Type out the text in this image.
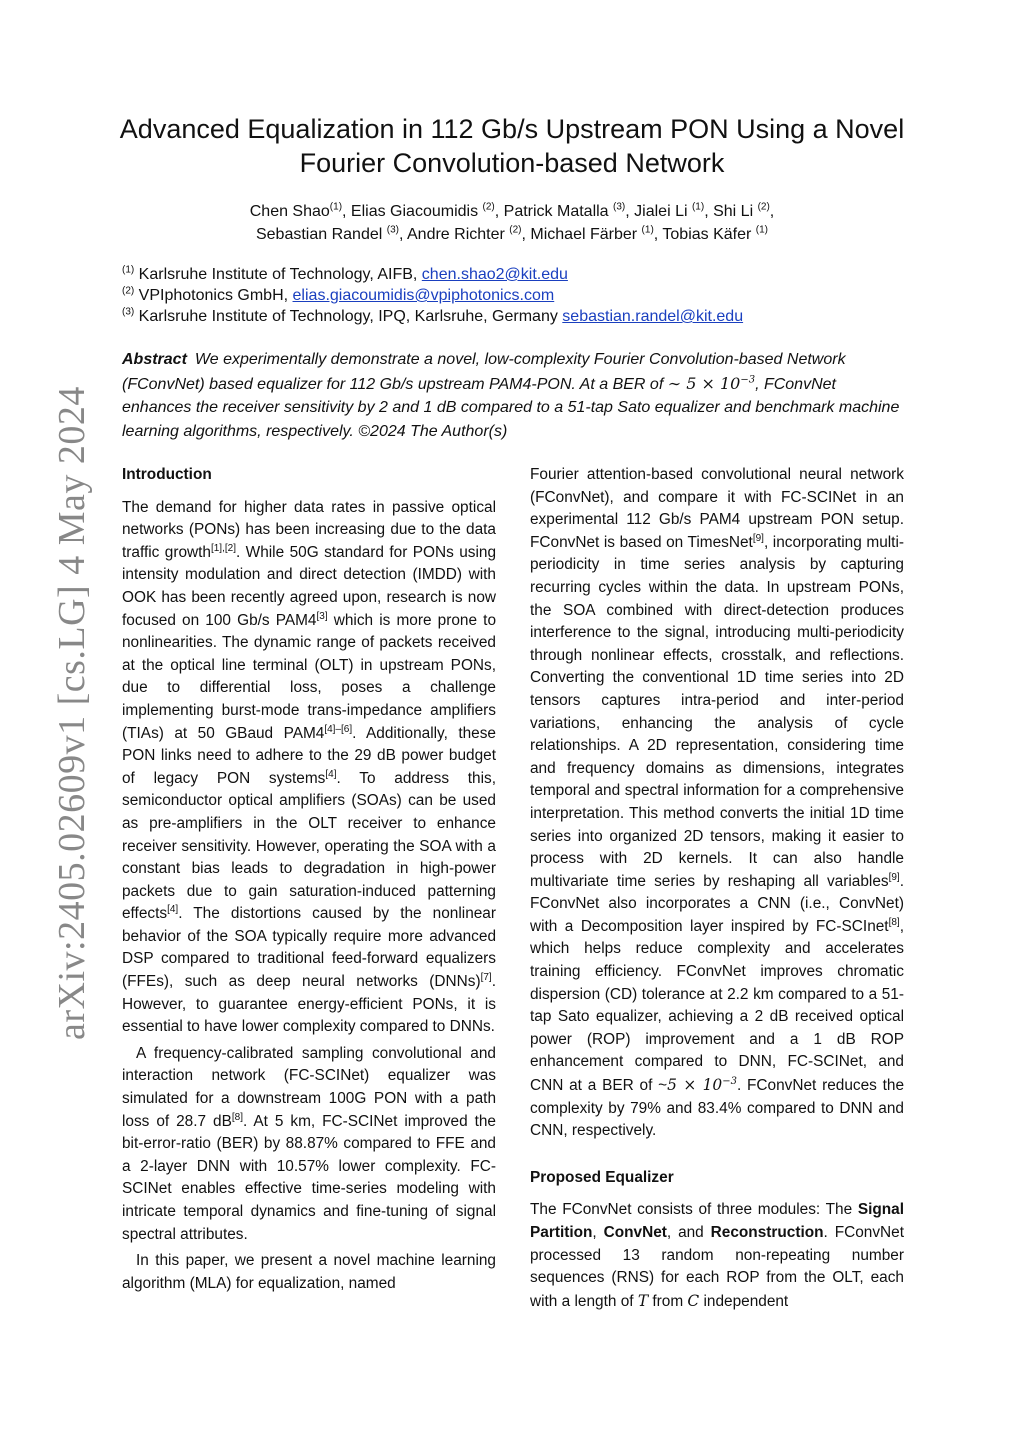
arXiv:2405.02609v1 [cs.LG] 4 May 2024
Advanced Equalization in 112 Gb/s Upstream PON Using a Novel
Fourier Convolution-based Network
Chen Shao$^{(1)}$, Elias Giacoumidis $^{(2)}$, Patrick Matalla $^{(3)}$, Jialei Li $^{(1)}$, Shi Li $^{(2)}$,
Sebastian Randel $^{(3)}$, Andre Richter $^{(2)}$, Michael Färber $^{(1)}$, Tobias Käfer $^{(1)}$
$^{(1)}$ Karlsruhe Institute of Technology, AIFB, chen.shao2@kit.edu
$^{(2)}$ VPIphotonics GmbH, elias.giacoumidis@vpiphotonics.com
$^{(3)}$ Karlsruhe Institute of Technology, IPQ, Karlsruhe, Germany sebastian.randel@kit.edu
Abstract We experimentally demonstrate a novel, low-complexity Fourier Convolution-based Network (FConvNet) based equalizer for 112 Gb/s upstream PAM4-PON. At a BER of ∼ $5 \times 10^{-3}$, FConvNet enhances the receiver sensitivity by 2 and 1 dB compared to a 51-tap Sato equalizer and benchmark machine learning algorithms, respectively. ©2024 The Author(s)
Introduction

The demand for higher data rates in passive optical networks (PONs) has been increasing due to the data traffic growth[1],[2]. While 50G standard for PONs using intensity modulation and direct detection (IMDD) with OOK has been recently agreed upon, research is now focused on 100 Gb/s PAM4[3] which is more prone to nonlinearities. The dynamic range of packets received at the optical line terminal (OLT) in upstream PONs, due to differential loss, poses a challenge implementing burst-mode trans-impedance amplifiers (TIAs) at 50 GBaud PAM4[4]–[6]. Additionally, these PON links need to adhere to the 29 dB power budget of legacy PON systems[4]. To address this, semiconductor optical amplifiers (SOAs) can be used as pre-amplifiers in the OLT receiver to enhance receiver sensitivity. However, operating the SOA with a constant bias leads to degradation in high-power packets due to gain saturation-induced patterning effects[4]. The distortions caused by the nonlinear behavior of the SOA typically require more advanced DSP compared to traditional feed-forward equalizers (FFEs), such as deep neural networks (DNNs)[7]. However, to guarantee energy-efficient PONs, it is essential to have lower complexity compared to DNNs.

A frequency-calibrated sampling convolutional and interaction network (FC-SCINet) equalizer was simulated for a downstream 100G PON with a path loss of 28.7 dB[8]. At 5 km, FC-SCINet improved the bit-error-ratio (BER) by 88.87% compared to FFE and a 2-layer DNN with 10.57% lower complexity. FC-SCINet enables effective time-series modeling with intricate temporal dynamics and fine-tuning of signal spectral attributes.

In this paper, we present a novel machine learning algorithm (MLA) for equalization, named

Fourier attention-based convolutional neural network (FConvNet), and compare it with FC-SCINet in an experimental 112 Gb/s PAM4 upstream PON setup. FConvNet is based on TimesNet[9], incorporating multi-periodicity in time series analysis by capturing recurring cycles within the data. In upstream PONs, the SOA combined with direct-detection produces interference to the signal, introducing multi-periodicity through nonlinear effects, crosstalk, and reflections. Converting the conventional 1D time series into 2D tensors captures intra-period and inter-period variations, enhancing the analysis of cycle relationships. A 2D representation, considering time and frequency domains as dimensions, integrates temporal and spectral information for a comprehensive interpretation. This method converts the initial 1D time series into organized 2D tensors, making it easier to process with 2D kernels. It can also handle multivariate time series by reshaping all variables[9]. FConvNet also incorporates a CNN (i.e., ConvNet) with a Decomposition layer inspired by FC-SCInet[8], which helps reduce complexity and accelerates training efficiency. FConvNet improves chromatic dispersion (CD) tolerance at 2.2 km compared to a 51-tap Sato equalizer, achieving a 2 dB received optical power (ROP) improvement and a 1 dB ROP enhancement compared to DNN, FC-SCINet, and CNN at a BER of ~5 × $10^{-3}$. FConvNet reduces the complexity by 79% and 83.4% compared to DNN and CNN, respectively.

Proposed Equalizer

The FConvNet consists of three modules: The Signal Partition, ConvNet, and Reconstruction. FConvNet processed 13 random non-repeating number sequences (RNS) for each ROP from the OLT, each with a length of T from C independent
